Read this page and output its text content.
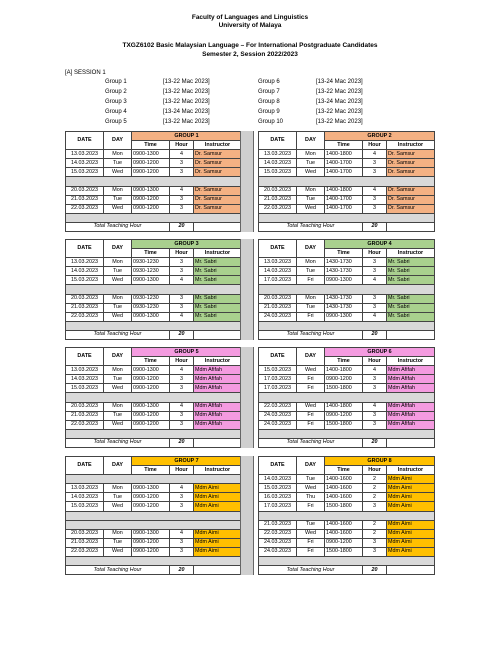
Faculty of Languages and Linguistics
University of Malaya
TXGZ6102 Basic Malaysian Language – For International Postgraduate Candidates
Semester 2, Session 2022/2023
[A] SESSION 1
Group 1	[13-22 Mac 2023]
Group 2	[13-22 Mac 2023]
Group 3	[13-22 Mac 2023]
Group 4	[13-24 Mac 2023]
Group 5	[13-22 Mac 2023]
Group 6	[13-24 Mac 2023]
Group 7	[13-22 Mac 2023]
Group 8	[13-24 Mac 2023]
Group 9	[13-22 Mac 2023]
Group 10	[13-22 Mac 2023]
DATE	DAY	GROUP 1		
		Time	Hour	Instructor
13.03.2023	Mon	0900-1300	4	Dr. Samsur
14.03.2023	Tue	0900-1200	3	Dr. Samsur
15.03.2023	Wed	0900-1200	3	Dr. Samsur

20.03.2023	Mon	0900-1300	4	Dr. Samsur
21.03.2023	Tue	0900-1200	3	Dr. Samsur
22.03.2023	Wed	0900-1200	3	Dr. Samsur

Total Teaching Hour			20	
DATE	DAY	GROUP 2		
		Time	Hour	Instructor
13.03.2023	Mon	1400-1800	4	Dr. Samsur
14.03.2023	Tue	1400-1700	3	Dr. Samsur
15.03.2023	Wed	1400-1700	3	Dr. Samsur

20.03.2023	Mon	1400-1800	4	Dr. Samsur
21.03.2023	Tue	1400-1700	3	Dr. Samsur
22.03.2023	Wed	1400-1700	3	Dr. Samsur

Total Teaching Hour			20	
DATE	DAY	GROUP 3		
		Time	Hour	Instructor
13.03.2023	Mon	0930-1230	3	Mr. Sabri
14.03.2023	Tue	0930-1230	3	Mr. Sabri
15.03.2023	Wed	0900-1300	4	Mr. Sabri

20.03.2023	Mon	0930-1230	3	Mr. Sabri
21.03.2023	Tue	0930-1230	3	Mr. Sabri
22.03.2023	Wed	0900-1300	4	Mr. Sabri

Total Teaching Hour			20	
DATE	DAY	GROUP 4		
		Time	Hour	Instructor
13.03.2023	Mon	1430-1730	3	Mr. Sabri
14.03.2023	Tue	1430-1730	3	Mr. Sabri
17.03.2023	Fri	0900-1300	4	Mr. Sabri

20.03.2023	Mon	1430-1730	3	Mr. Sabri
21.03.2023	Tue	1430-1730	3	Mr. Sabri
24.03.2023	Fri	0900-1300	4	Mr. Sabri

Total Teaching Hour			20	
DATE	DAY	GROUP 5		
		Time	Hour	Instructor
13.03.2023	Mon	0900-1300	4	Mdm Afifah
14.03.2023	Tue	0900-1200	3	Mdm Afifah
15.03.2023	Wed	0900-1200	3	Mdm Afifah

20.03.2023	Mon	0900-1300	4	Mdm Afifah
21.03.2023	Tue	0900-1200	3	Mdm Afifah
22.03.2023	Wed	0900-1200	3	Mdm Afifah

Total Teaching Hour			20	
DATE	DAY	GROUP 6		
		Time	Hour	Instructor
15.03.2023	Wed	1400-1800	4	Mdm Afifah
17.03.2023	Fri	0900-1200	3	Mdm Afifah
17.03.2023	Fri	1500-1800	3	Mdm Afifah

22.03.2023	Wed	1400-1800	4	Mdm Afifah
24.03.2023	Fri	0900-1200	3	Mdm Afifah
24.03.2023	Fri	1500-1800	3	Mdm Afifah

Total Teaching Hour			20	
DATE	DAY	GROUP 7		
		Time	Hour	Instructor

13.03.2023	Mon	0900-1300	4	Mdm Aimi
14.03.2023	Tue	0900-1200	3	Mdm Aimi
15.03.2023	Wed	0900-1200	3	Mdm Aimi

20.03.2023	Mon	0900-1300	4	Mdm Aimi
21.03.2023	Tue	0900-1200	3	Mdm Aimi
22.03.2023	Wed	0900-1200	3	Mdm Aimi

Total Teaching Hour			20	
DATE	DAY	GROUP 8		
		Time	Hour	Instructor
14.03.2023	Tue	1400-1600	2	Mdm Aimi
15.03.2023	Wed	1400-1600	2	Mdm Aimi
16.03.2023	Thu	1400-1600	2	Mdm Aimi
17.03.2023	Fri	1500-1800	3	Mdm Aimi

21.03.2023	Tue	1400-1600	2	Mdm Aimi
22.03.2023	Wed	1400-1600	2	Mdm Aimi
24.03.2023	Fri	0900-1200	3	Mdm Aimi
24.03.2023	Fri	1500-1800	3	Mdm Aimi

Total Teaching Hour			20	
